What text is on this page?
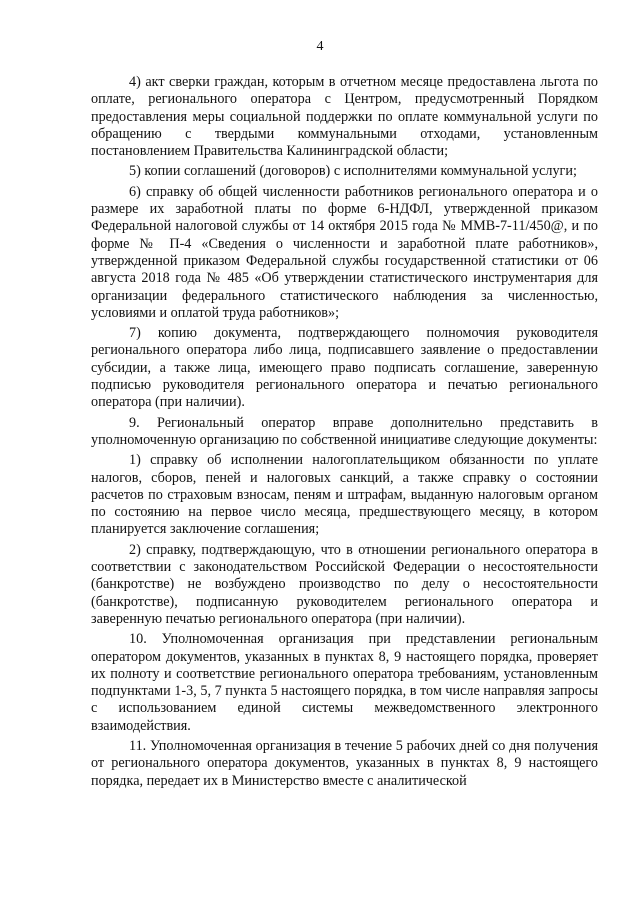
4

4) акт сверки граждан, которым в отчетном месяце предоставлена льгота по оплате, регионального оператора с Центром, предусмотренный Порядком предоставления меры социальной поддержки по оплате коммунальной услуги по обращению с твердыми коммунальными отходами, установленным постановлением Правительства Калининградской области;

5) копии соглашений (договоров) с исполнителями коммунальной услуги;

6) справку об общей численности работников регионального оператора и о размере их заработной платы по форме 6-НДФЛ, утвержденной приказом Федеральной налоговой службы от 14 октября 2015 года № ММВ-7-11/450@, и по форме № П-4 «Сведения о численности и заработной плате работников», утвержденной приказом Федеральной службы государственной статистики от 06 августа 2018 года № 485 «Об утверждении статистического инструментария для организации федерального статистического наблюдения за численностью, условиями и оплатой труда работников»;

7) копию документа, подтверждающего полномочия руководителя регионального оператора либо лица, подписавшего заявление о предоставлении субсидии, а также лица, имеющего право подписать соглашение, заверенную подписью руководителя регионального оператора и печатью регионального оператора (при наличии).

9. Региональный оператор вправе дополнительно представить в уполномоченную организацию по собственной инициативе следующие документы:

1) справку об исполнении налогоплательщиком обязанности по уплате налогов, сборов, пеней и налоговых санкций, а также справку о состоянии расчетов по страховым взносам, пеням и штрафам, выданную налоговым органом по состоянию на первое число месяца, предшествующего месяцу, в котором планируется заключение соглашения;

2) справку, подтверждающую, что в отношении регионального оператора в соответствии с законодательством Российской Федерации о несостоятельности (банкротстве) не возбуждено производство по делу о несостоятельности (банкротстве), подписанную руководителем регионального оператора и заверенную печатью регионального оператора (при наличии).

10. Уполномоченная организация при представлении региональным оператором документов, указанных в пунктах 8, 9 настоящего порядка, проверяет их полноту и соответствие регионального оператора требованиям, установленным подпунктами 1-3, 5, 7 пункта 5 настоящего порядка, в том числе направляя запросы с использованием единой системы межведомственного электронного взаимодействия.

11. Уполномоченная организация в течение 5 рабочих дней со дня получения от регионального оператора документов, указанных в пунктах 8, 9 настоящего порядка, передает их в Министерство вместе с аналитической
